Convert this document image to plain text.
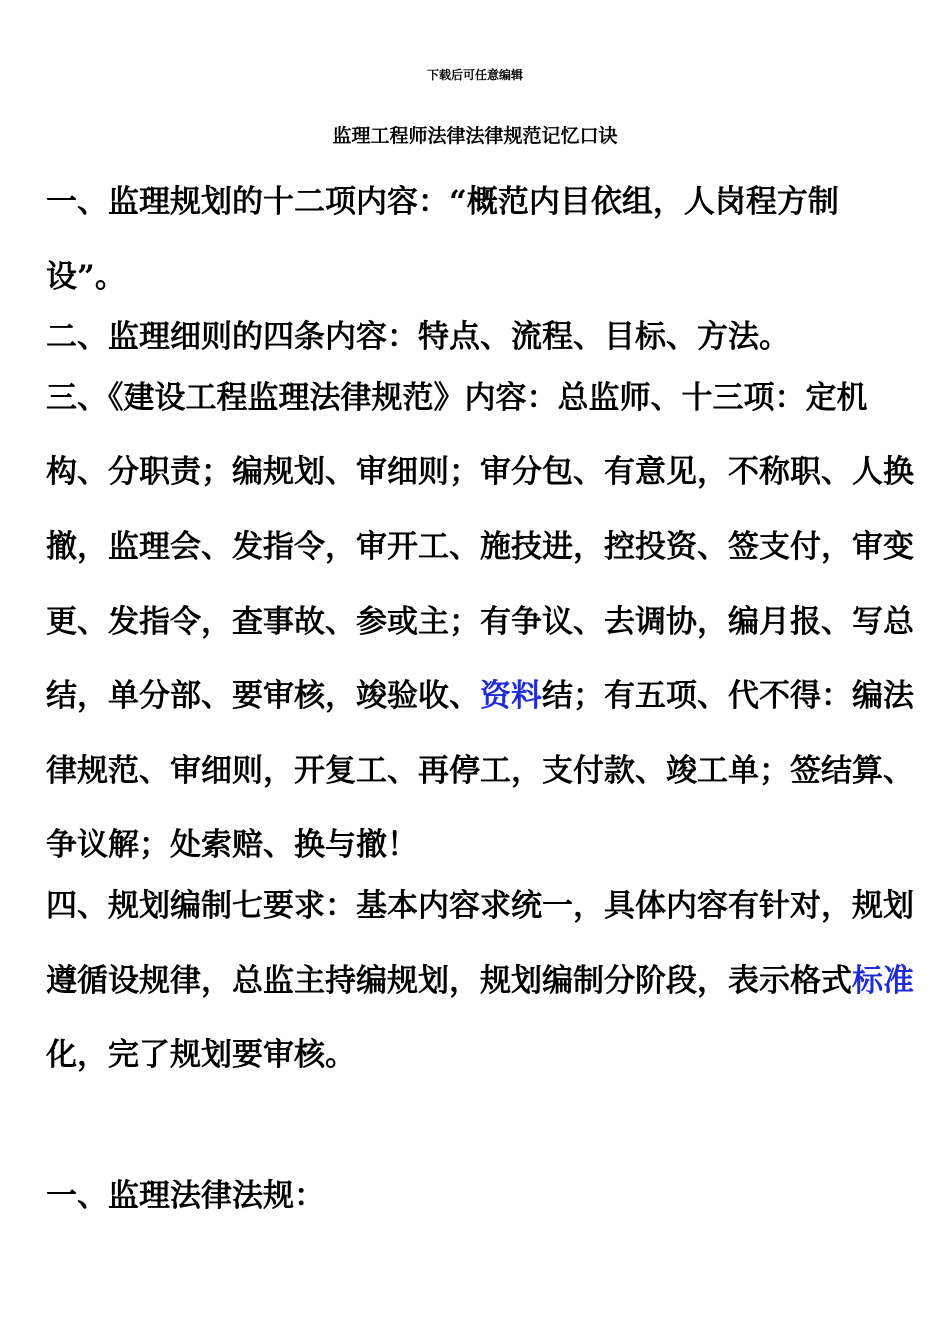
下载后可任意编辑
监理工程师法律法律规范记忆口诀

一、监理规划的十二项内容：“概范内目依组，人岗程方制设”。

二、监理细则的四条内容：特点、流程、目标、方法。

三、《建设工程监理法律规范》内容：总监师、十三项：定机构、分职责；编规划、审细则；审分包、有意见，不称职、人换撤，监理会、发指令，审开工、施技进，控投资、签支付，审变更、发指令，查事故、参或主；有争议、去调协，编月报、写总结，单分部、要审核，竣验收、资料结；有五项、代不得：编法律规范、审细则，开复工、再停工，支付款、竣工单；签结算、争议解；处索赔、换与撤！

四、规划编制七要求：基本内容求统一，具体内容有针对，规划遵循设规律，总监主持编规划，规划编制分阶段，表示格式标准化，完了规划要审核。

一、监理法律法规：
